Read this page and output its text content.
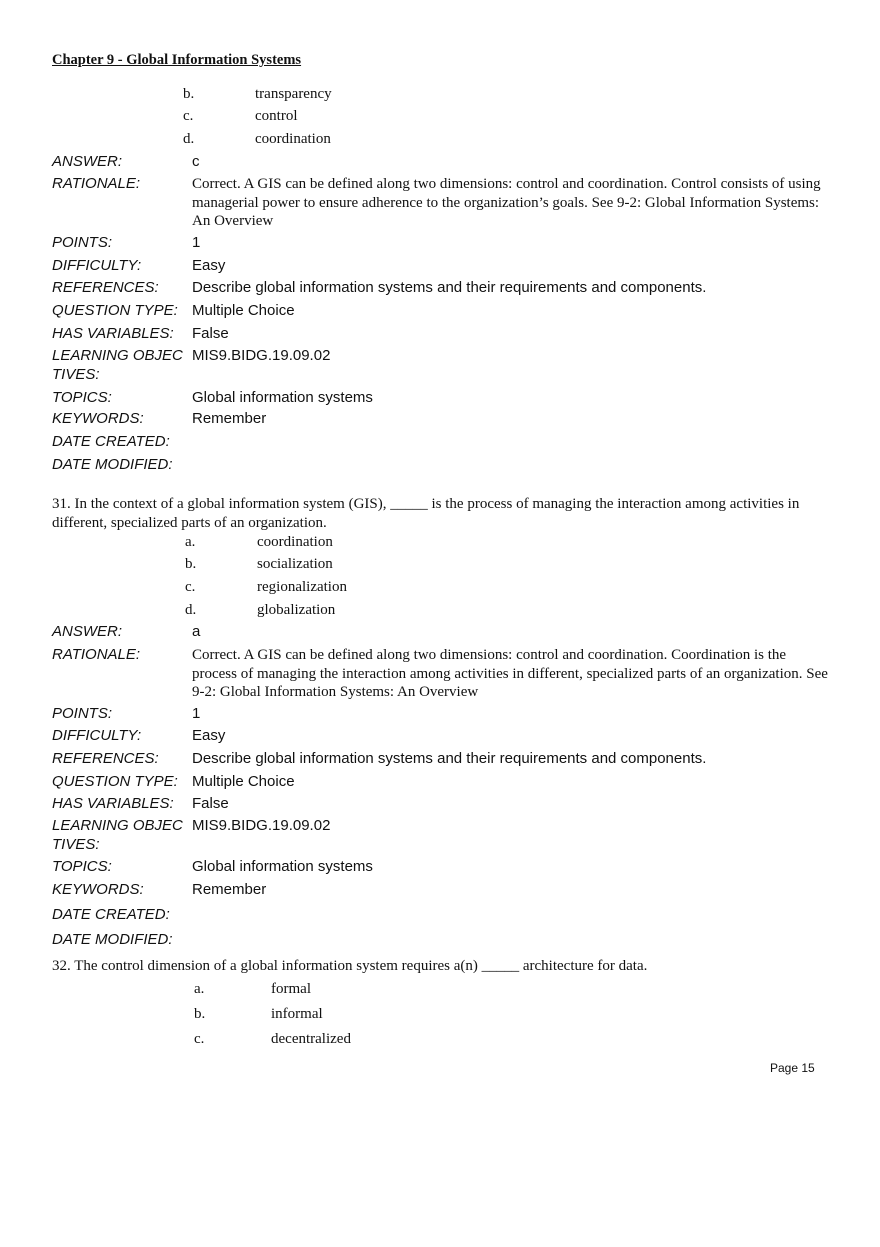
Chapter 9 - Global Information Systems
b.	transparency
c.	control
d.	coordination
ANSWER:	c
RATIONALE:	Correct. A GIS can be defined along two dimensions: control and coordination. Control consists of using managerial power to ensure adherence to the organization’s goals. See 9-2: Global Information Systems: An Overview
POINTS:	1
DIFFICULTY:	Easy
REFERENCES: Describe global information systems and their requirements and components.
QUESTION TYPE: Multiple Choice
HAS VARIABLES: False
LEARNING OBJECTIVES:
MIS9.BIDG.19.09.02
TOPICS:	Global information systems
KEYWORDS:	Remember
DATE CREATED:
DATE MODIFIED:
31. In the context of a global information system (GIS), _____ is the process of managing the interaction among activities in different, specialized parts of an organization.
a.	coordination
b.	socialization
c.	regionalization
d.	globalization
ANSWER:	a
RATIONALE:	Correct. A GIS can be defined along two dimensions: control and coordination. Coordination is the process of managing the interaction among activities in different, specialized parts of an organization. See 9-2: Global Information Systems: An Overview
POINTS:	1
DIFFICULTY:	Easy
REFERENCES: Describe global information systems and their requirements and components.
QUESTION TYPE: Multiple Choice
HAS VARIABLES: False
LEARNING OBJECTIVES:
MIS9.BIDG.19.09.02
TOPICS:	Global information systems
KEYWORDS:	Remember
DATE CREATED:
DATE MODIFIED:
32. The control dimension of a global information system requires a(n) _____ architecture for data.
a.	formal
b.	informal
c.	decentralized
Page 15
